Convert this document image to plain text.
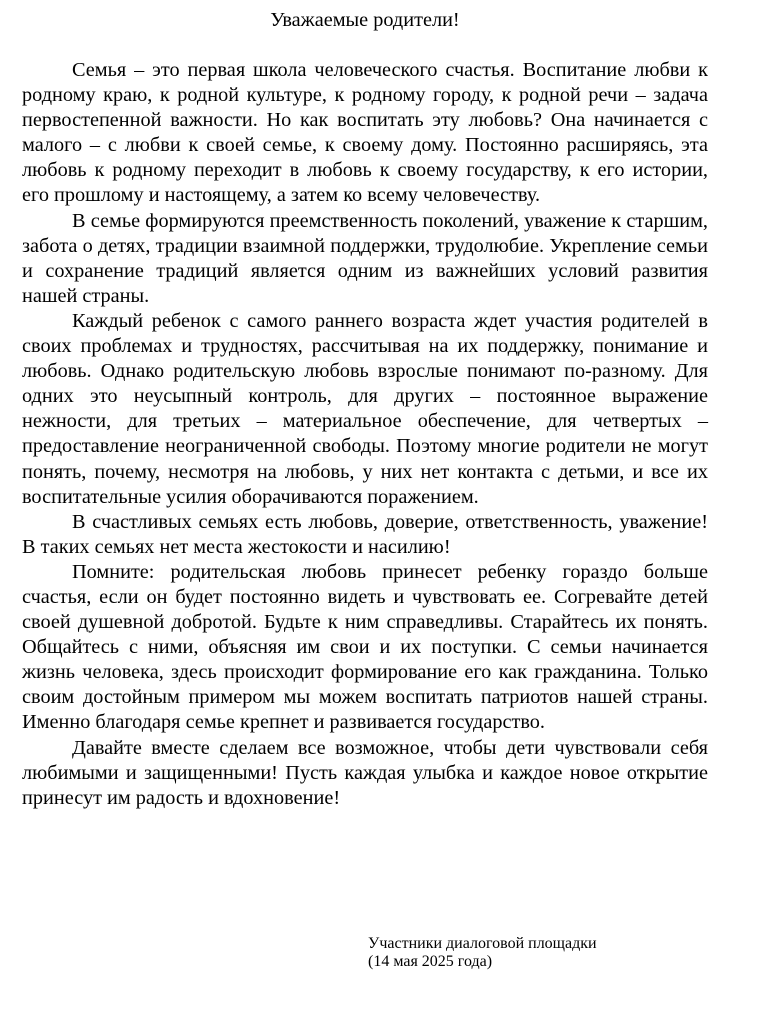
Уважаемые родители!

Семья – это первая школа человеческого счастья. Воспитание любви к родному краю, к родной культуре, к родному городу, к родной речи – задача первостепенной важности. Но как воспитать эту любовь? Она начинается с малого – с любви к своей семье, к своему дому. Постоянно расширяясь, эта любовь к родному переходит в любовь к своему государству, к его истории, его прошлому и настоящему, а затем ко всему человечеству.

В семье формируются преемственность поколений, уважение к старшим, забота о детях, традиции взаимной поддержки, трудолюбие. Укрепление семьи и сохранение традиций является одним из важнейших условий развития нашей страны.

Каждый ребенок с самого раннего возраста ждет участия родителей в своих проблемах и трудностях, рассчитывая на их поддержку, понимание и любовь. Однако родительскую любовь взрослые понимают по-разному. Для одних это неусыпный контроль, для других – постоянное выражение нежности, для третьих – материальное обеспечение, для четвертых – предоставление неограниченной свободы. Поэтому многие родители не могут понять, почему, несмотря на любовь, у них нет контакта с детьми, и все их воспитательные усилия оборачиваются поражением.

В счастливых семьях есть любовь, доверие, ответственность, уважение! В таких семьях нет места жестокости и насилию!

Помните: родительская любовь принесет ребенку гораздо больше счастья, если он будет постоянно видеть и чувствовать ее. Согревайте детей своей душевной добротой. Будьте к ним справедливы. Старайтесь их понять. Общайтесь с ними, объясняя им свои и их поступки. С семьи начинается жизнь человека, здесь происходит формирование его как гражданина. Только своим достойным примером мы можем воспитать патриотов нашей страны. Именно благодаря семье крепнет и развивается государство.

Давайте вместе сделаем все возможное, чтобы дети чувствовали себя любимыми и защищенными! Пусть каждая улыбка и каждое новое открытие принесут им радость и вдохновение!

Участники диалоговой площадки
(14 мая 2025 года)
